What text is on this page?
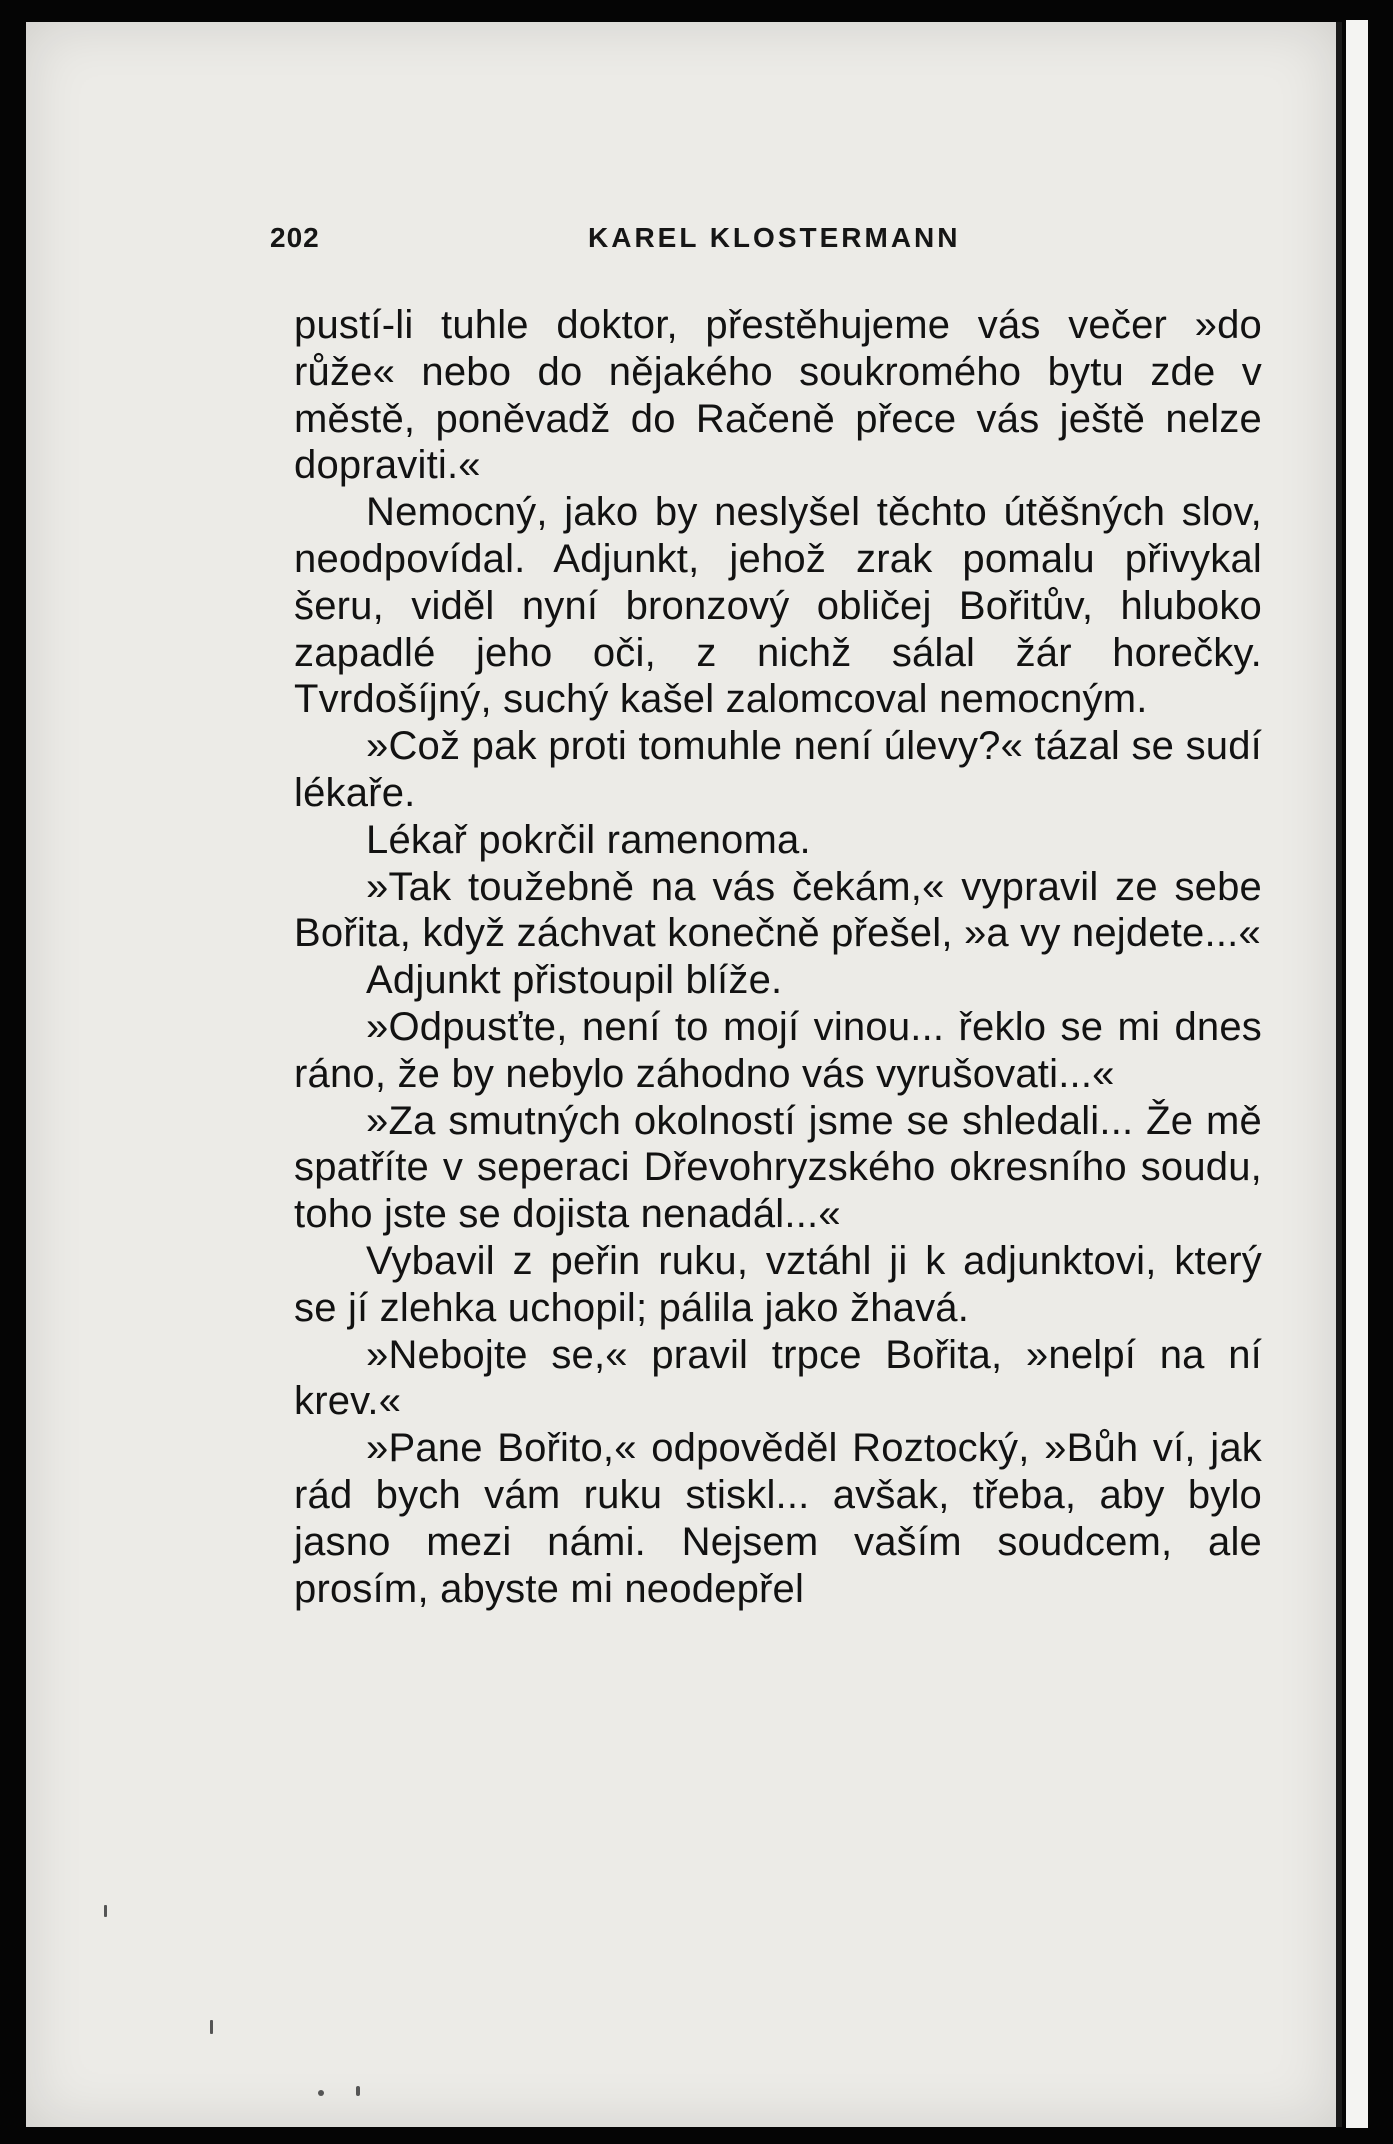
202	KAREL KLOSTERMANN

pustí-li tuhle doktor, přestěhujeme vás večer »do růže« nebo do nějakého soukromého bytu zde v městě, poněvadž do Račeně přece vás ještě nelze dopraviti.«

Nemocný, jako by neslyšel těchto útěšných slov, neodpovídal. Adjunkt, jehož zrak pomalu přivykal šeru, viděl nyní bronzový obličej Bořitův, hluboko zapadlé jeho oči, z nichž sálal žár horečky. Tvrdošíjný, suchý kašel zalomcoval nemocným.

»Což pak proti tomuhle není úlevy?« tázal se sudí lékaře.

Lékař pokrčil ramenoma.

»Tak toužebně na vás čekám,« vypravil ze sebe Bořita, když záchvat konečně přešel, »a vy nejdete...«

Adjunkt přistoupil blíže.

»Odpusťte, není to mojí vinou... řeklo se mi dnes ráno, že by nebylo záhodno vás vyrušovati...«

»Za smutných okolností jsme se shledali... Že mě spatříte v seperaci Dřevohryzského okresního soudu, toho jste se dojista nenadál...«

Vybavil z peřin ruku, vztáhl ji k adjunktovi, který se jí zlehka uchopil; pálila jako žhavá.

»Nebojte se,« pravil trpce Bořita, »nelpí na ní krev.«

»Pane Bořito,« odpověděl Roztocký, »Bůh ví, jak rád bych vám ruku stiskl... avšak, třeba, aby bylo jasno mezi námi. Nejsem vaším soudcem, ale prosím, abyste mi neodepřel
